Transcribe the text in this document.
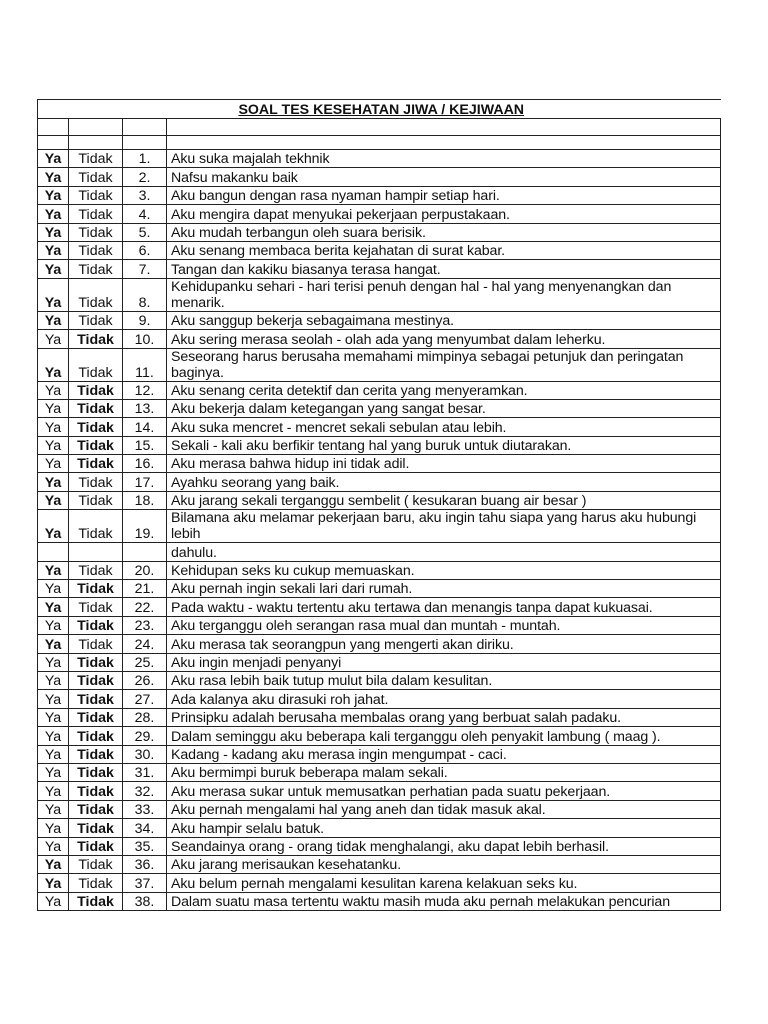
SOAL TES KESEHATAN JIWA / KEJIWAAN			

Ya	Tidak	1.	Aku suka majalah tekhnik
Ya	Tidak	2.	Nafsu makanku baik
Ya	Tidak	3.	Aku bangun dengan rasa nyaman hampir setiap hari.
Ya	Tidak	4.	Aku mengira dapat menyukai pekerjaan perpustakaan.
Ya	Tidak	5.	Aku mudah terbangun oleh suara berisik.
Ya	Tidak	6.	Aku senang membaca berita kejahatan di surat kabar.
Ya	Tidak	7.	Tangan dan kakiku biasanya terasa hangat.
Ya	Tidak	8.	Kehidupanku sehari - hari terisi penuh dengan hal - hal yang menyenangkan dan menarik.
Ya	Tidak	9.	Aku sanggup bekerja sebagaimana mestinya.
Ya	Tidak	10.	Aku sering merasa seolah - olah ada yang menyumbat dalam leherku.
Ya	Tidak	11.	Seseorang harus berusaha memahami mimpinya sebagai petunjuk dan peringatan baginya.
Ya	Tidak	12.	Aku senang cerita detektif dan cerita yang menyeramkan.
Ya	Tidak	13.	Aku bekerja dalam ketegangan yang sangat besar.
Ya	Tidak	14.	Aku suka mencret - mencret sekali sebulan atau lebih.
Ya	Tidak	15.	Sekali - kali aku berfikir tentang hal yang buruk untuk diutarakan.
Ya	Tidak	16.	Aku merasa bahwa hidup ini tidak adil.
Ya	Tidak	17.	Ayahku seorang yang baik.
Ya	Tidak	18.	Aku jarang sekali terganggu sembelit ( kesukaran buang air besar )
Ya	Tidak	19.	Bilamana aku melamar pekerjaan baru, aku ingin tahu siapa yang harus aku hubungi lebih
			dahulu.
Ya	Tidak	20.	Kehidupan seks ku cukup memuaskan.
Ya	Tidak	21.	Aku pernah ingin sekali lari dari rumah.
Ya	Tidak	22.	Pada waktu - waktu tertentu aku tertawa dan menangis tanpa dapat kukuasai.
Ya	Tidak	23.	Aku terganggu oleh serangan rasa mual dan muntah - muntah.
Ya	Tidak	24.	Aku merasa tak seorangpun yang mengerti akan diriku.
Ya	Tidak	25.	Aku ingin menjadi penyanyi
Ya	Tidak	26.	Aku rasa lebih baik tutup mulut bila dalam kesulitan.
Ya	Tidak	27.	Ada kalanya aku dirasuki roh jahat.
Ya	Tidak	28.	Prinsipku adalah berusaha membalas orang yang berbuat salah padaku.
Ya	Tidak	29.	Dalam seminggu aku beberapa kali terganggu oleh penyakit lambung ( maag ).
Ya	Tidak	30.	Kadang - kadang aku merasa ingin mengumpat - caci.
Ya	Tidak	31.	Aku bermimpi buruk beberapa malam sekali.
Ya	Tidak	32.	Aku merasa sukar untuk memusatkan perhatian pada suatu pekerjaan.
Ya	Tidak	33.	Aku pernah mengalami hal yang aneh dan tidak masuk akal.
Ya	Tidak	34.	Aku hampir selalu batuk.
Ya	Tidak	35.	Seandainya orang - orang tidak menghalangi, aku dapat lebih berhasil.
Ya	Tidak	36.	Aku jarang merisaukan kesehatanku.
Ya	Tidak	37.	Aku belum pernah mengalami kesulitan karena kelakuan seks ku.
Ya	Tidak	38.	Dalam suatu masa tertentu waktu masih muda aku pernah melakukan pencurian
